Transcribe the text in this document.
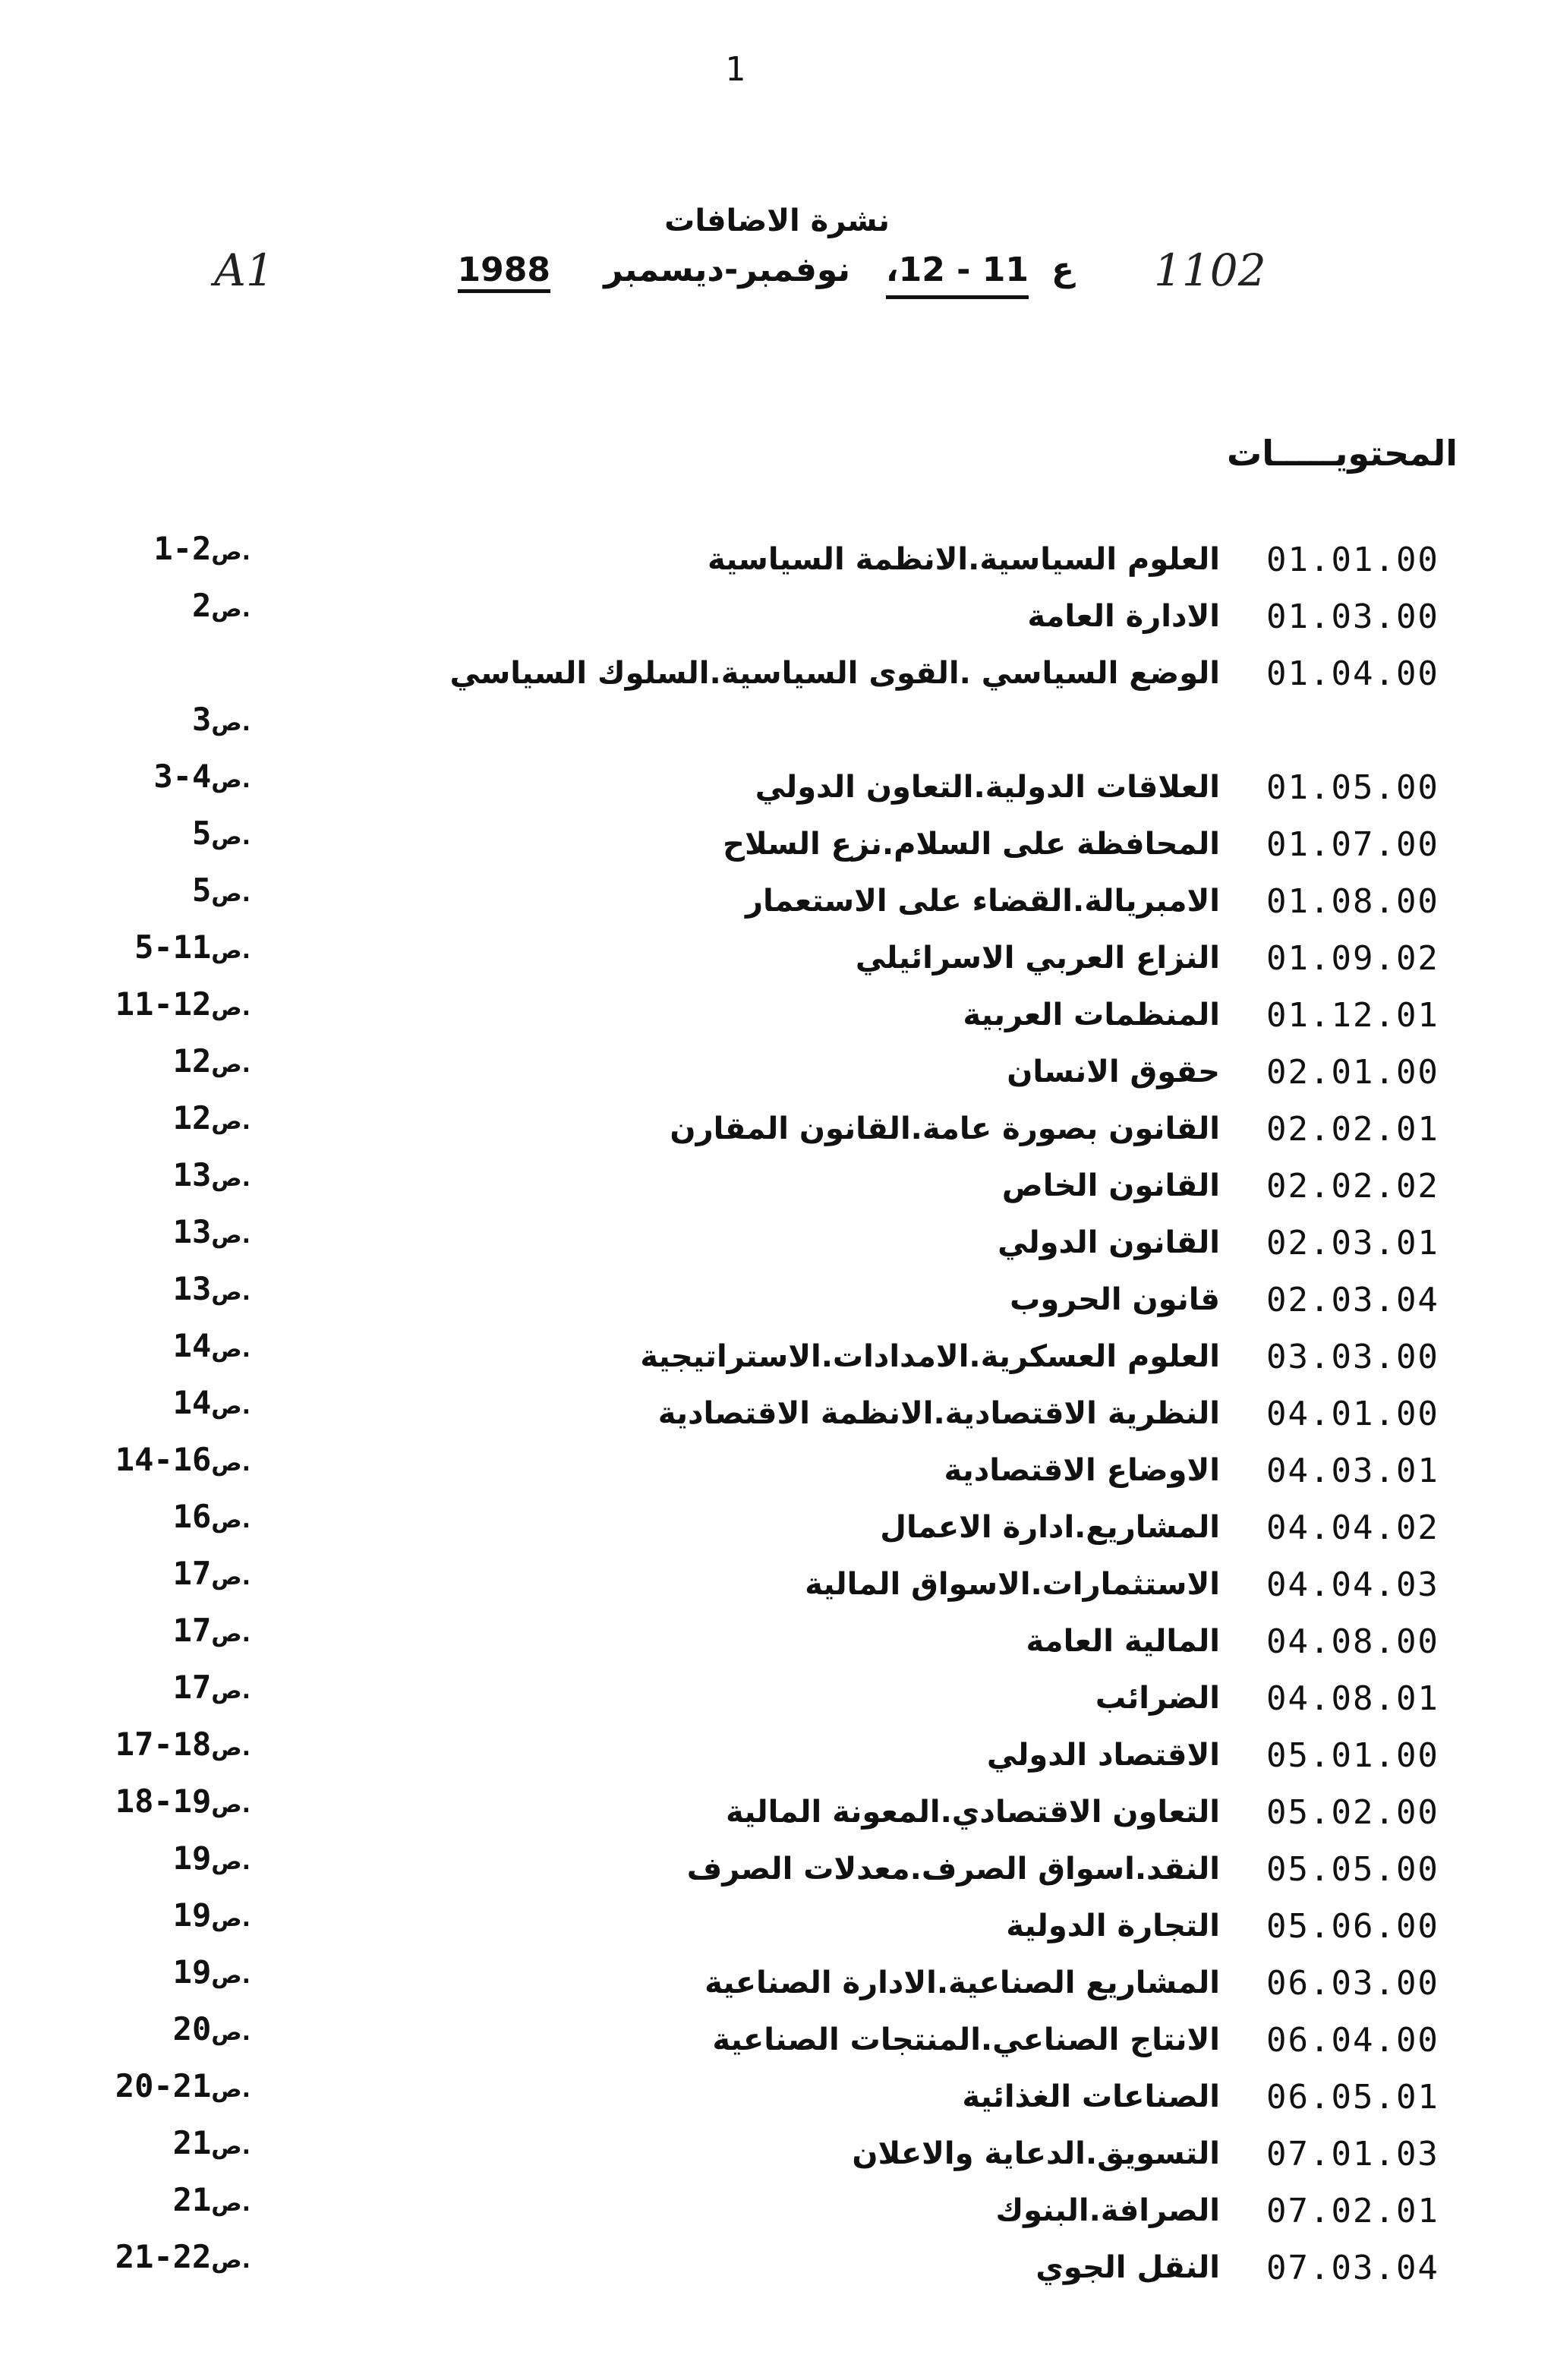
1
نشرة الاضافات
A1	1102
ع
11 - 12،
نوفمبر-ديسمبر
1988
المحتويـــــات
01.01.00
العلوم السياسية.الانظمة السياسية
1-2ص.
01.03.00
الادارة العامة
2ص.
01.04.00
الوضع السياسي .القوى السياسية.السلوك السياسي
3ص.
01.05.00
العلاقات الدولية.التعاون الدولي
3-4ص.
01.07.00
المحافظة على السلام.نزع السلاح
5ص.
01.08.00
الامبريالة.القضاء على الاستعمار
5ص.
01.09.02
النزاع العربي الاسرائيلي
5-11ص.
01.12.01
المنظمات العربية
11-12ص.
02.01.00
حقوق الانسان
12ص.
02.02.01
القانون بصورة عامة.القانون المقارن
12ص.
02.02.02
القانون الخاص
13ص.
02.03.01
القانون الدولي
13ص.
02.03.04
قانون الحروب
13ص.
03.03.00
العلوم العسكرية.الامدادات.الاستراتيجية
14ص.
04.01.00
النظرية الاقتصادية.الانظمة الاقتصادية
14ص.
04.03.01
الاوضاع الاقتصادية
14-16ص.
04.04.02
المشاريع.ادارة الاعمال
16ص.
04.04.03
الاستثمارات.الاسواق المالية
17ص.
04.08.00
المالية العامة
17ص.
04.08.01
الضرائب
17ص.
05.01.00
الاقتصاد الدولي
17-18ص.
05.02.00
التعاون الاقتصادي.المعونة المالية
18-19ص.
05.05.00
النقد.اسواق الصرف.معدلات الصرف
19ص.
05.06.00
التجارة الدولية
19ص.
06.03.00
المشاريع الصناعية.الادارة الصناعية
19ص.
06.04.00
الانتاج الصناعي.المنتجات الصناعية
20ص.
06.05.01
الصناعات الغذائية
20-21ص.
07.01.03
التسويق.الدعاية والاعلان
21ص.
07.02.01
الصرافة.البنوك
21ص.
07.03.04
النقل الجوي
21-22ص.
